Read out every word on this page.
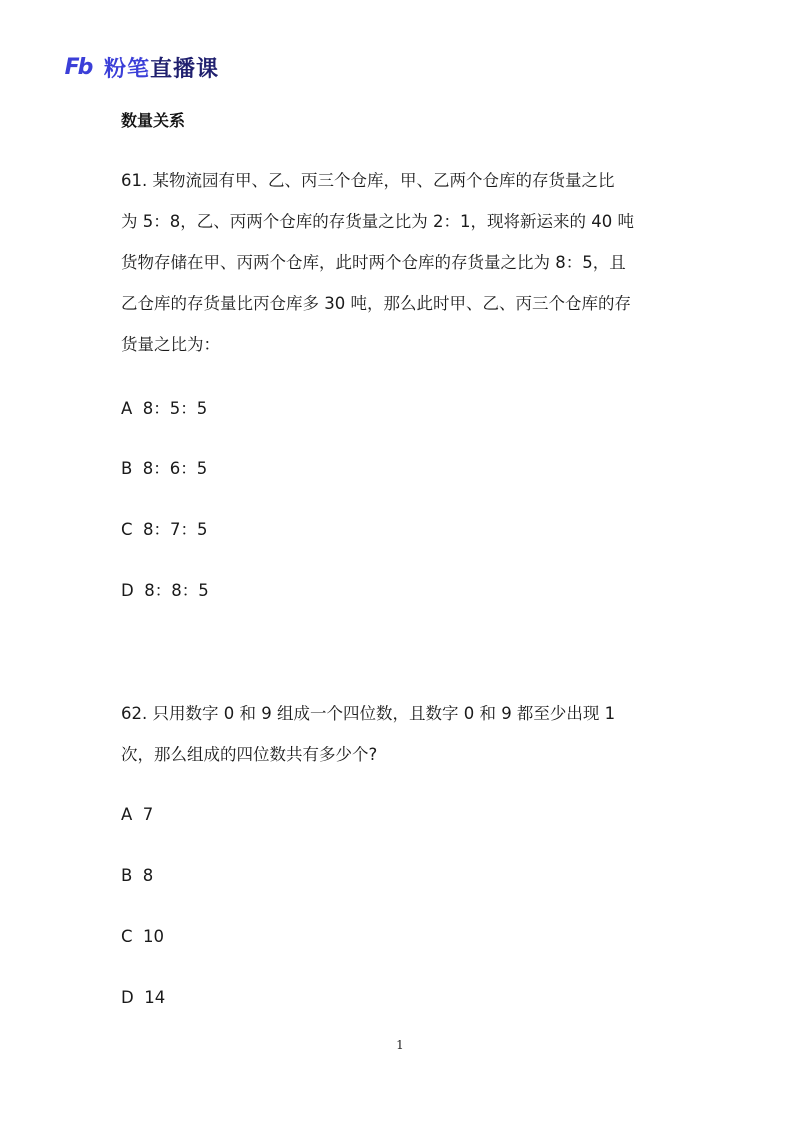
Fb 粉笔直播课
数量关系
61. 某物流园有甲、乙、丙三个仓库，甲、乙两个仓库的存货量之比
为 5：8，乙、丙两个仓库的存货量之比为 2：1，现将新运来的 40 吨
货物存储在甲、丙两个仓库，此时两个仓库的存货量之比为 8：5，且
乙仓库的存货量比丙仓库多 30 吨，那么此时甲、乙、丙三个仓库的存
货量之比为：
A  8：5：5
B  8：6：5
C  8：7：5
D  8：8：5
62. 只用数字 0 和 9 组成一个四位数，且数字 0 和 9 都至少出现 1
次，那么组成的四位数共有多少个?
A  7
B  8
C  10
D  14
1
